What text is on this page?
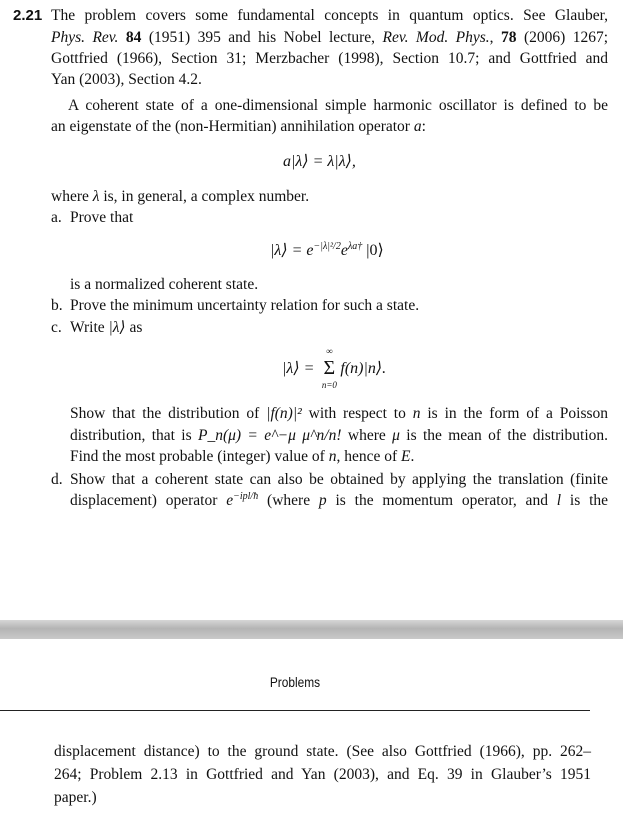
2.21 The problem covers some fundamental concepts in quantum optics. See Glauber,
Phys. Rev. 84 (1951) 395 and his Nobel lecture, Rev. Mod. Phys., 78 (2006) 1267;
Gottfried (1966), Section 31; Merzbacher (1998), Section 10.7; and Gottfried and
Yan (2003), Section 4.2.
A coherent state of a one-dimensional simple harmonic oscillator is defined to be
an eigenstate of the (non-Hermitian) annihilation operator a:
a|λ⟩ = λ|λ⟩,
where λ is, in general, a complex number.
a. Prove that
|λ⟩ = $e^{-|\lambda|^2/2}e^{\lambda a\dagger}$ |0⟩
is a normalized coherent state.
b. Prove the minimum uncertainty relation for such a state.
c. Write |λ⟩ as
|λ⟩ =
∞
Σ
n=0
f(n)|n⟩.
Show that the distribution of |f(n)|² with respect to n is in the form of a Poisson
distribution, that is P_n(μ) = e^−μ μ^n/n! where μ is the mean of the distribution.
Find the most probable (integer) value of n, hence of E.
d. Show that a coherent state can also be obtained by applying the translation (finite
displacement) operator $e^{-ipl/ħ}$ (where p is the momentum operator, and l is the
Problems
displacement distance) to the ground state. (See also Gottfried (1966), pp. 262–
264; Problem 2.13 in Gottfried and Yan (2003), and Eq. 39 in Glauber’s 1951
paper.)
